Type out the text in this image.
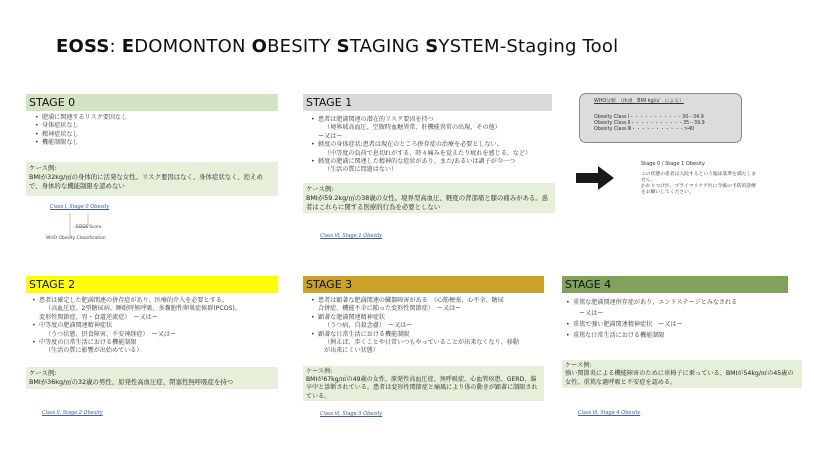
EOSS: EDOMONTON OBESITY STAGING SYSTEM-Staging Tool
STAGE 0
• 肥満に関連するリスク要因なし
• 身体症状なし
• 精神症状なし
• 機能制限なし
ケース例:
BMIが32kg/㎡の身体的に活発な女性。リスク要因はなく、身体症状なく、控えめで、身体的な機能制限を認めない
Class I, Stage 0 Obesity
EOSS Score
WHO Obesity Classification
STAGE 1
• 患者は肥満関連の潜在的リスク要因を持つ
（境界域高血圧、空腹時血糖異常、肝機能異常の出現、その他）
ー又はー
• 軽度の身体症状:患者は現在のところ併存症の治療を必要としない。
（中等度の負荷で息切れがする、時々痛みを覚えたり疲れを感じる、など）
• 軽度の肥満に関連した精神的な症状があり、また/あるいは調子が今一つ
（生活の質に問題はない）
ケース例:
BMIが59.2kg/㎡の38歳の女性。境界型高血圧、軽度の背部痛と膝の痛みがある。患者はこれらに関する医療的行為を必要としない
Class III, Stage 1 Obesity
WHO分類　（体重　BMI kg/㎡　による）
Obesity Class Ⅰ・・・・・・・・・・・30ー34.9
Obesity Class Ⅱ・・・・・・・・・・・35ー39.9
Obesity Class Ⅲ・・・・・・・・・・・>40
Stage 0 / Stage 1 Obesity
この状態の患者は入院するという臨床基準を満たしま
せん。
かかりつけ医、プライマリケア医に今後の予防的診療
をお願いしてください。
STAGE 2
• 患者は確定した肥満関連の併存症があり、医療的介入を必要とする。
（高血圧症、2型糖尿病、睡眠時無呼吸、多嚢胞性卵巣症候群(PCOS)、
変形性関節症、胃・食道逆流症）　ー又はー
• 中等度の肥満関連精神症状
（うつ状態、摂食障害、不安神経症）　ー又はー
• 中等度の日常生活における機能制限
（生活の質に影響が出始めている）
ケース例:
BMIが36kg/㎡の32歳の男性、原発性高血圧症、閉塞性無呼吸症を持つ
Class II, Stage 2 Obesity
STAGE 3
• 患者は顕著な肥満関連の臓器障害がある　（心筋梗塞、心不全、糖尿
合併症、機能不全に陥った変形性関節症）　ー又はー
• 顕著な肥満関連精神症状
（うつ病、自殺念慮）　ー又はー
• 顕著な日常生活における機能制限
（例えば、歩くことや日常いつもやっていることが出来なくなり、移動
が出来にくい状態）
ケース例:
BMIが67kg/㎡の49歳の女性、原発性高血圧症、無呼吸症、心血管疾患、GERD、脳卒中と診断されている。患者は変形性関節症と痛風により体の動きが顕著に制限されている。
Class III, Stage 3 Obesity
STAGE 4
• 重篤な肥満関連併存症があり、エンドステージとみなされる
ー又はー
• 重篤で強い肥満関連精神症状　ー又はー
• 重篤な日常生活における機能制限
ケース例:
強い関節炎による機能障害のために車椅子に乗っている、BMIが54kg/㎡の45歳の女性。重篤な過呼吸と不安症を認める。
Class III, Stage 4 Obesity
